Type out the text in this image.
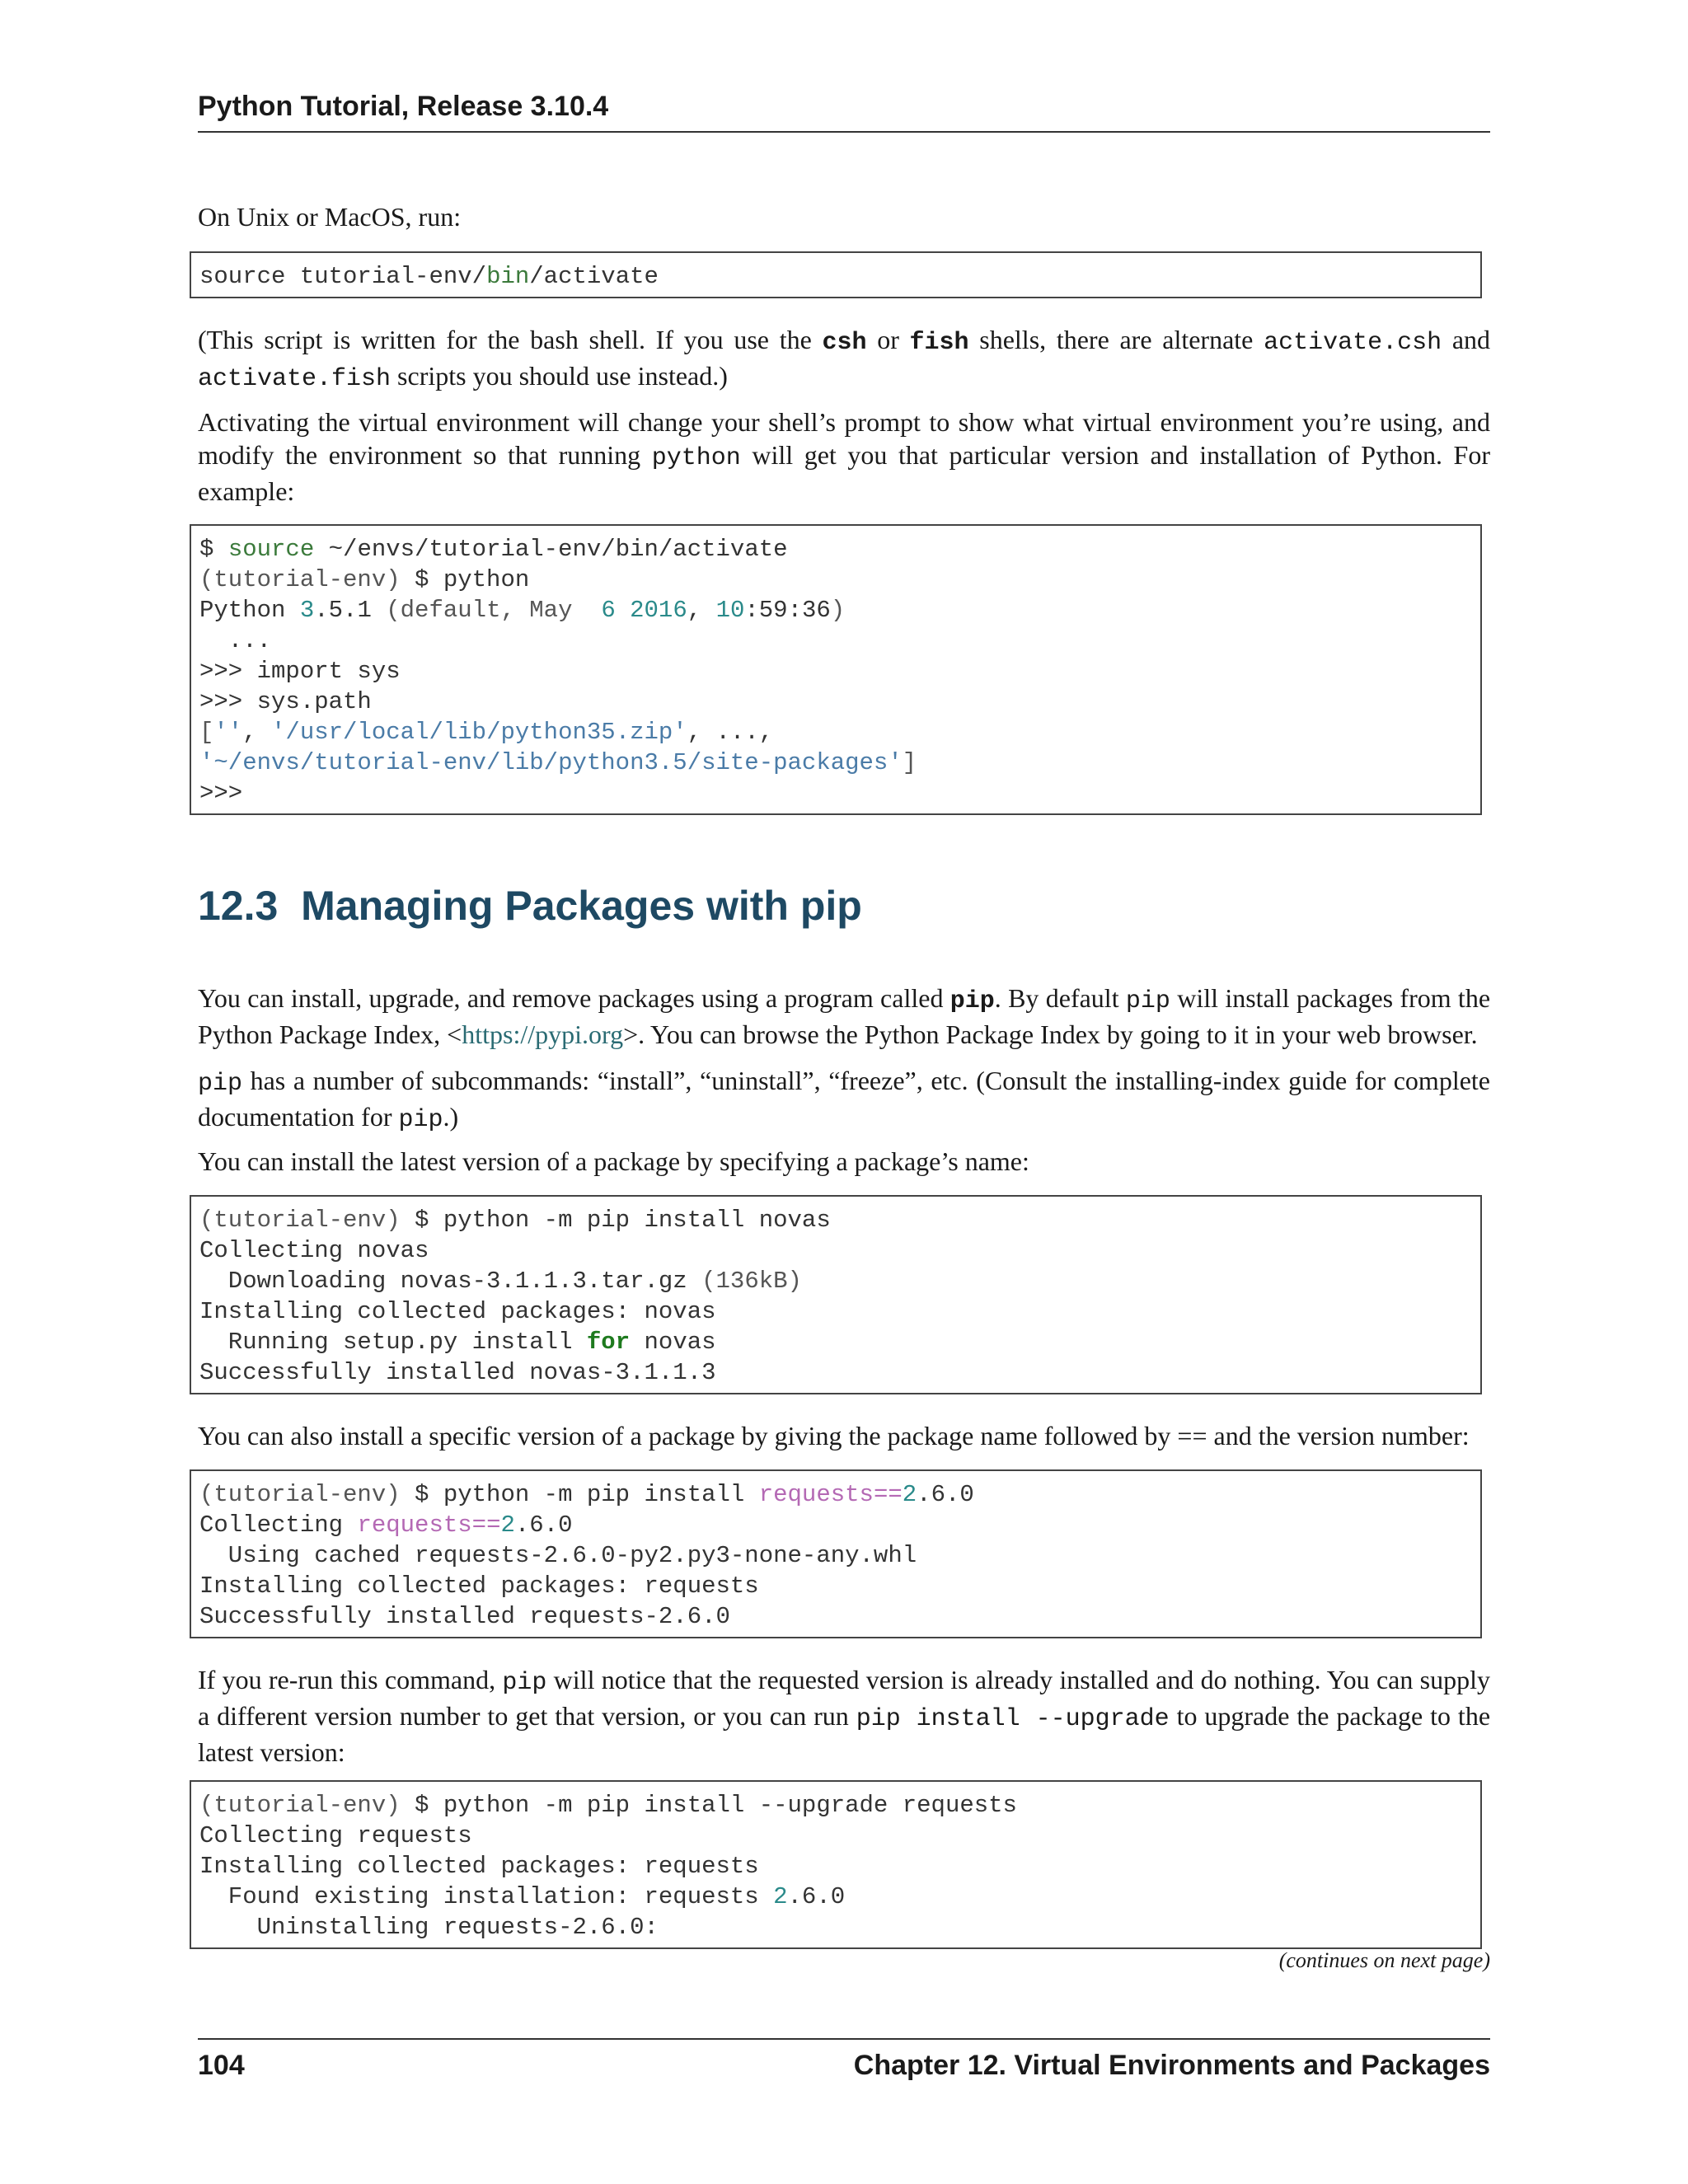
Python Tutorial, Release 3.10.4

On Unix or MacOS, run:

source tutorial-env/bin/activate

(This script is written for the bash shell. If you use the csh or fish shells, there are alternate activate.csh and activate.fish scripts you should use instead.)

Activating the virtual environment will change your shell’s prompt to show what virtual environment you’re using, and modify the environment so that running python will get you that particular version and installation of Python. For example:

$ source ~/envs/tutorial-env/bin/activate
(tutorial-env) $ python
Python 3.5.1 (default, May 6 2016, 10:59:36)
...
>>> import sys
>>> sys.path
['', '/usr/local/lib/python35.zip', ...,
'~/envs/tutorial-env/lib/python3.5/site-packages']
>>>
12.3 Managing Packages with pip

You can install, upgrade, and remove packages using a program called pip. By default pip will install packages from the Python Package Index, <https://pypi.org>. You can browse the Python Package Index by going to it in your web browser.

pip has a number of subcommands: “install”, “uninstall”, “freeze”, etc. (Consult the installing-index guide for complete documentation for pip.)

You can install the latest version of a package by specifying a package’s name:

(tutorial-env) $ python -m pip install novas
Collecting novas
Downloading novas-3.1.1.3.tar.gz (136kB)
Installing collected packages: novas
Running setup.py install for novas
Successfully installed novas-3.1.1.3

You can also install a specific version of a package by giving the package name followed by == and the version number:

(tutorial-env) $ python -m pip install requests==2.6.0
Collecting requests==2.6.0
Using cached requests-2.6.0-py2.py3-none-any.whl
Installing collected packages: requests
Successfully installed requests-2.6.0

If you re-run this command, pip will notice that the requested version is already installed and do nothing. You can supply a different version number to get that version, or you can run pip install --upgrade to upgrade the package to the latest version:

(tutorial-env) $ python -m pip install --upgrade requests
Collecting requests
Installing collected packages: requests
Found existing installation: requests 2.6.0
Uninstalling requests-2.6.0:
(continues on next page)
104	Chapter 12. Virtual Environments and Packages
